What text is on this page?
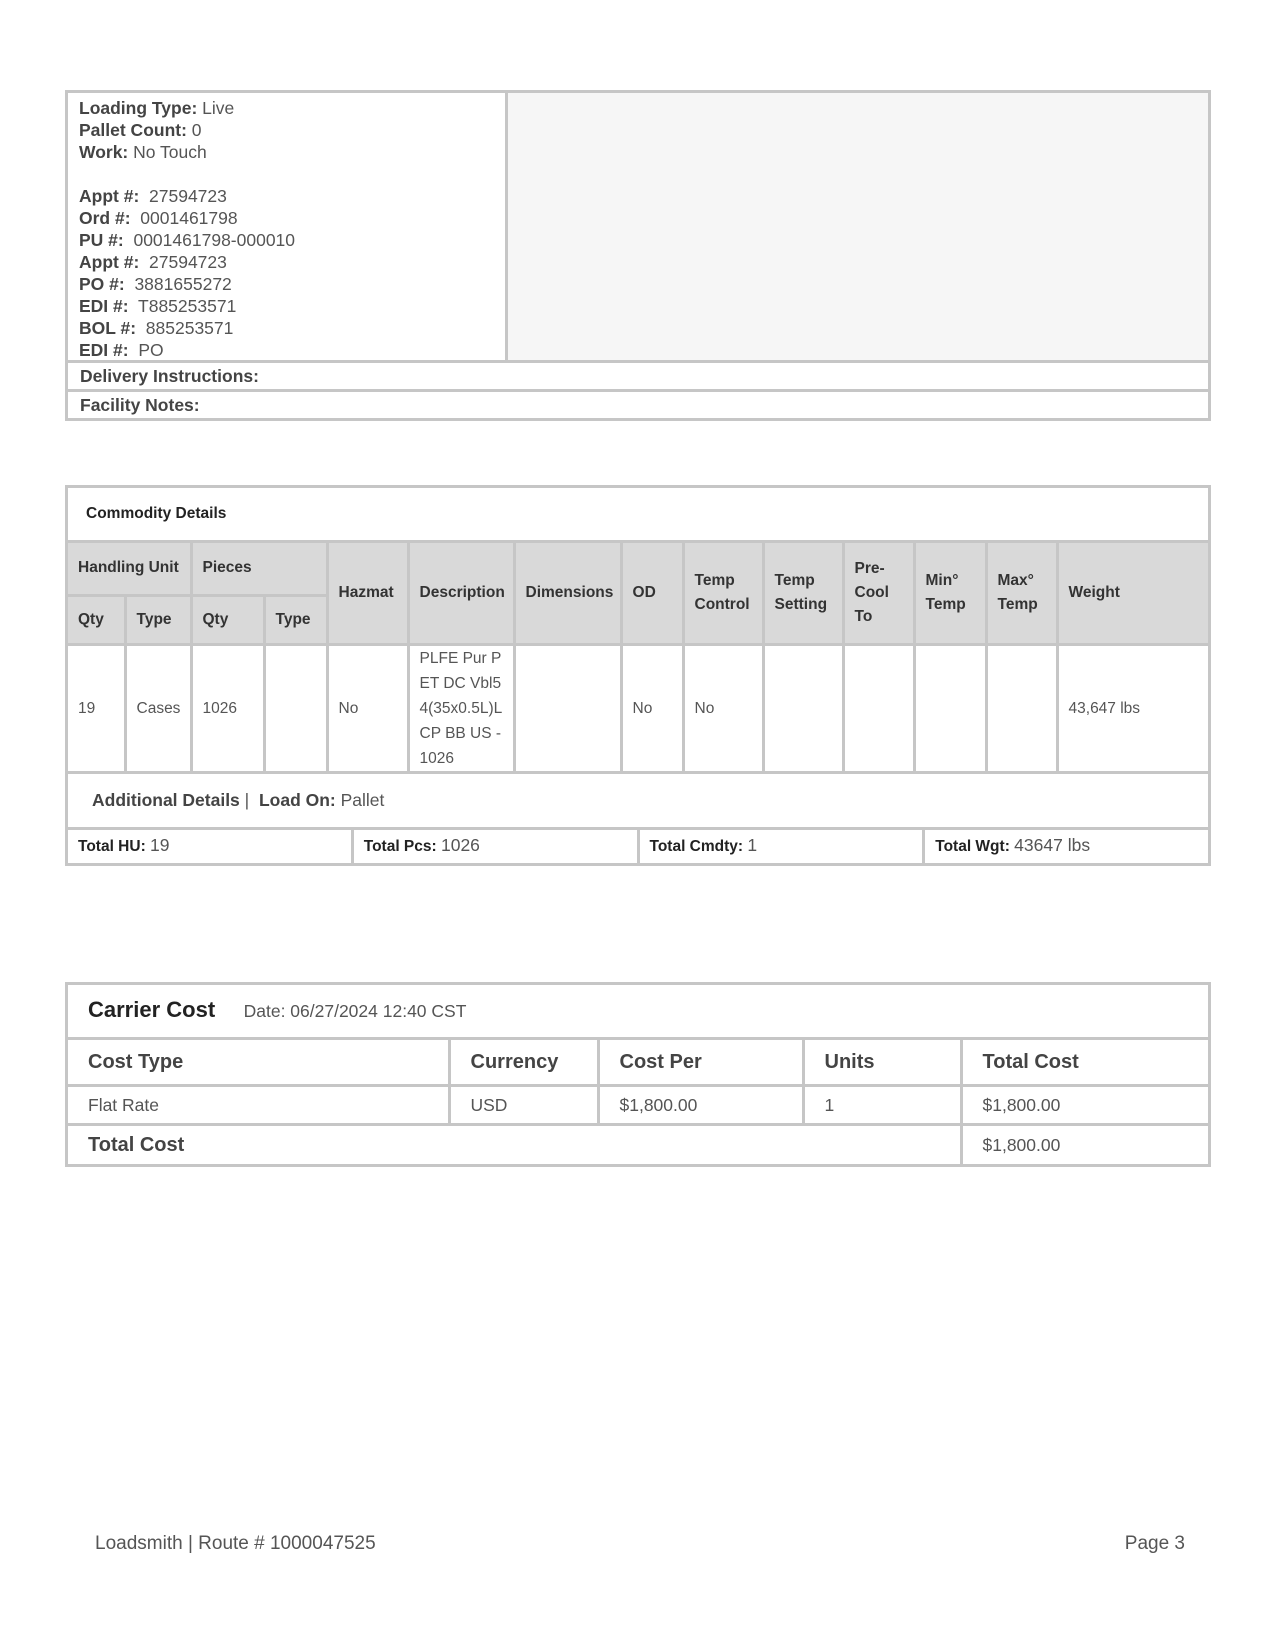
Loading Type: Live
Pallet Count: 0
Work: No Touch
Appt #: 27594723
Ord #: 0001461798
PU #: 0001461798-000010
Appt #: 27594723
PO #: 3881655272
EDI #: T885253571
BOL #: 885253571
EDI #: PO
Delivery Instructions:
Facility Notes:
Commodity Details
Handling Unit		Pieces		Hazmat	Description	Dimensions	OD	Temp Control	Temp Setting	Pre-Cool To	Min° Temp	Max° Temp	Weight
Qty	Type	Qty	Type										
19	Cases	1026		No	PLFE Pur PET DC Vbl54(35x0.5L)LCP BB US - 1026		No	No					43,647 lbs
Additional Details | Load On: Pallet
Total HU: 19	Total Pcs: 1026	Total Cmdty: 1	Total Wgt: 43647 lbs
Carrier Cost Date: 06/27/2024 12:40 CST
Cost Type	Currency	Cost Per	Units	Total Cost
Flat Rate	USD	$1,800.00	1	$1,800.00
Total Cost				$1,800.00
Loadsmith | Route # 1000047525	Page 3
